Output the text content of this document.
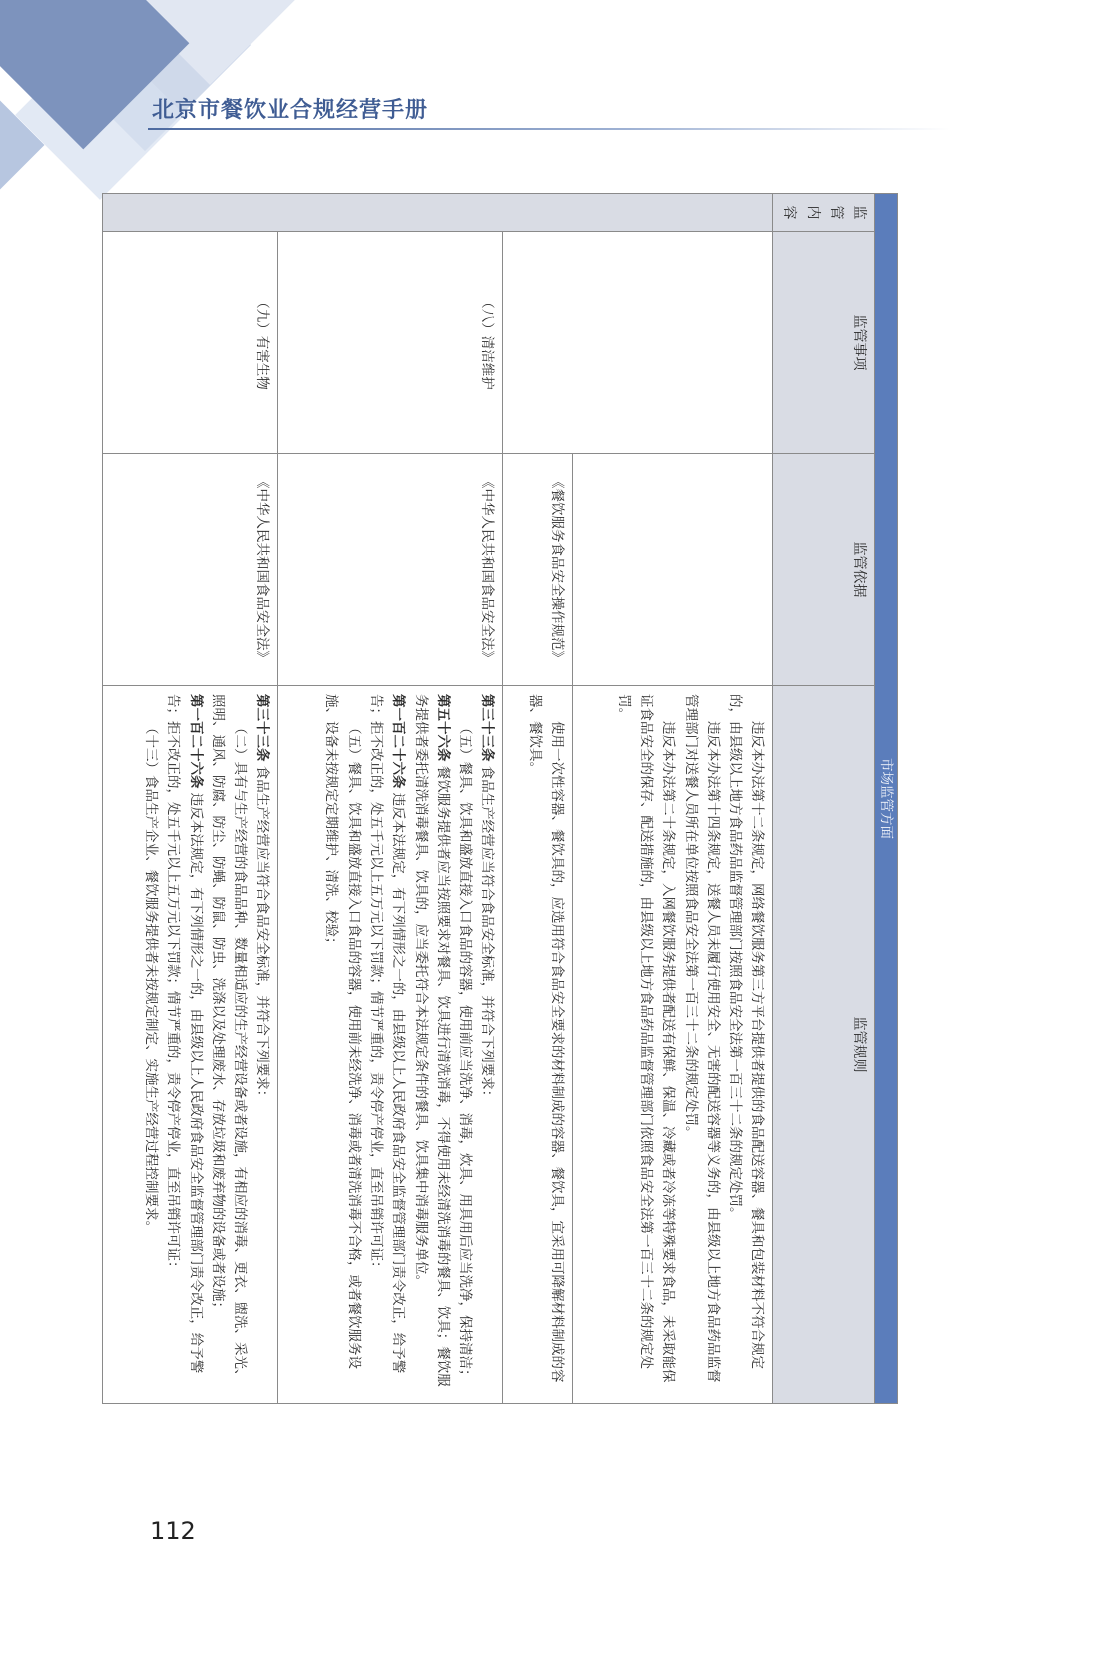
北京市餐饮业合规经营手册
市场监管方面			
监管内容	监管事项	监管依据	监管规则

			违反本办法第十二条规定，网络餐饮服务第三方平台提供者提供的食品配送容器、餐具和包装材料不符合规定的，由县级以上地方食品药品监督管理部门按照食品安全法第一百三十二条的规定处罚。

违反本办法第十四条规定，送餐人员未履行使用安全、无害的配送容器等义务的，由县级以上地方食品药品监督管理部门对送餐人员所在单位按照食品安全法第一百三十二条的规定处罚。

违反本办法第二十条规定，入网餐饮服务提供者配送有保鲜、保温、冷藏或者冷冻等特殊要求食品，未采取能保证食品安全的保存、配送措施的，由县级以上地方食品药品监督管理部门依照食品安全法第一百三十二条的规定处罚。

		《餐饮服务食品安全操作规范》	使用一次性容器、餐饮具的，应选用符合食品安全要求的材料制成的容器、餐饮具，宜采用可降解材料制成的容器、餐饮具。

	（八）清洁维护	《中华人民共和国食品安全法》	第三十三条 食品生产经营应当符合食品安全标准，并符合下列要求：

（五）餐具、饮具和盛放直接入口食品的容器，使用前应当洗净、消毒，炊具、用具用后应当洗净，保持清洁；

第五十六条 餐饮服务提供者应当按照要求对餐具、饮具进行清洗消毒，不得使用未经清洗消毒的餐具、饮具；餐饮服务提供者委托清洗消毒餐具、饮具的，应当委托符合本法规定条件的餐具、饮具集中消毒服务单位。

第一百二十六条 违反本法规定，有下列情形之一的，由县级以上人民政府食品安全监督管理部门责令改正，给予警告；拒不改正的，处五千元以上五万元以下罚款；情节严重的，责令停产停业，直至吊销许可证：

（五）餐具、饮具和盛放直接入口食品的容器，使用前未经洗净、消毒或者清洗消毒不合格，或者餐饮服务设施、设备未按规定定期维护、清洗、校验；

	（九）有害生物	《中华人民共和国食品安全法》	第三十三条 食品生产经营应当符合食品安全标准，并符合下列要求：

（二）具有与生产经营的食品品种、数量相适应的生产经营设备或者设施，有相应的消毒、更衣、盥洗、采光、照明、通风、防腐、防尘、防蝇、防鼠、防虫、洗涤以及处理废水、存放垃圾和废弃物的设备或者设施；

第一百二十六条 违反本法规定，有下列情形之一的，由县级以上人民政府食品安全监督管理部门责令改正，给予警告；拒不改正的，处五千元以上五万元以下罚款；情节严重的，责令停产停业，直至吊销许可证：

（十三）食品生产企业、餐饮服务提供者未按规定制定、实施生产经营过程控制要求。

112
